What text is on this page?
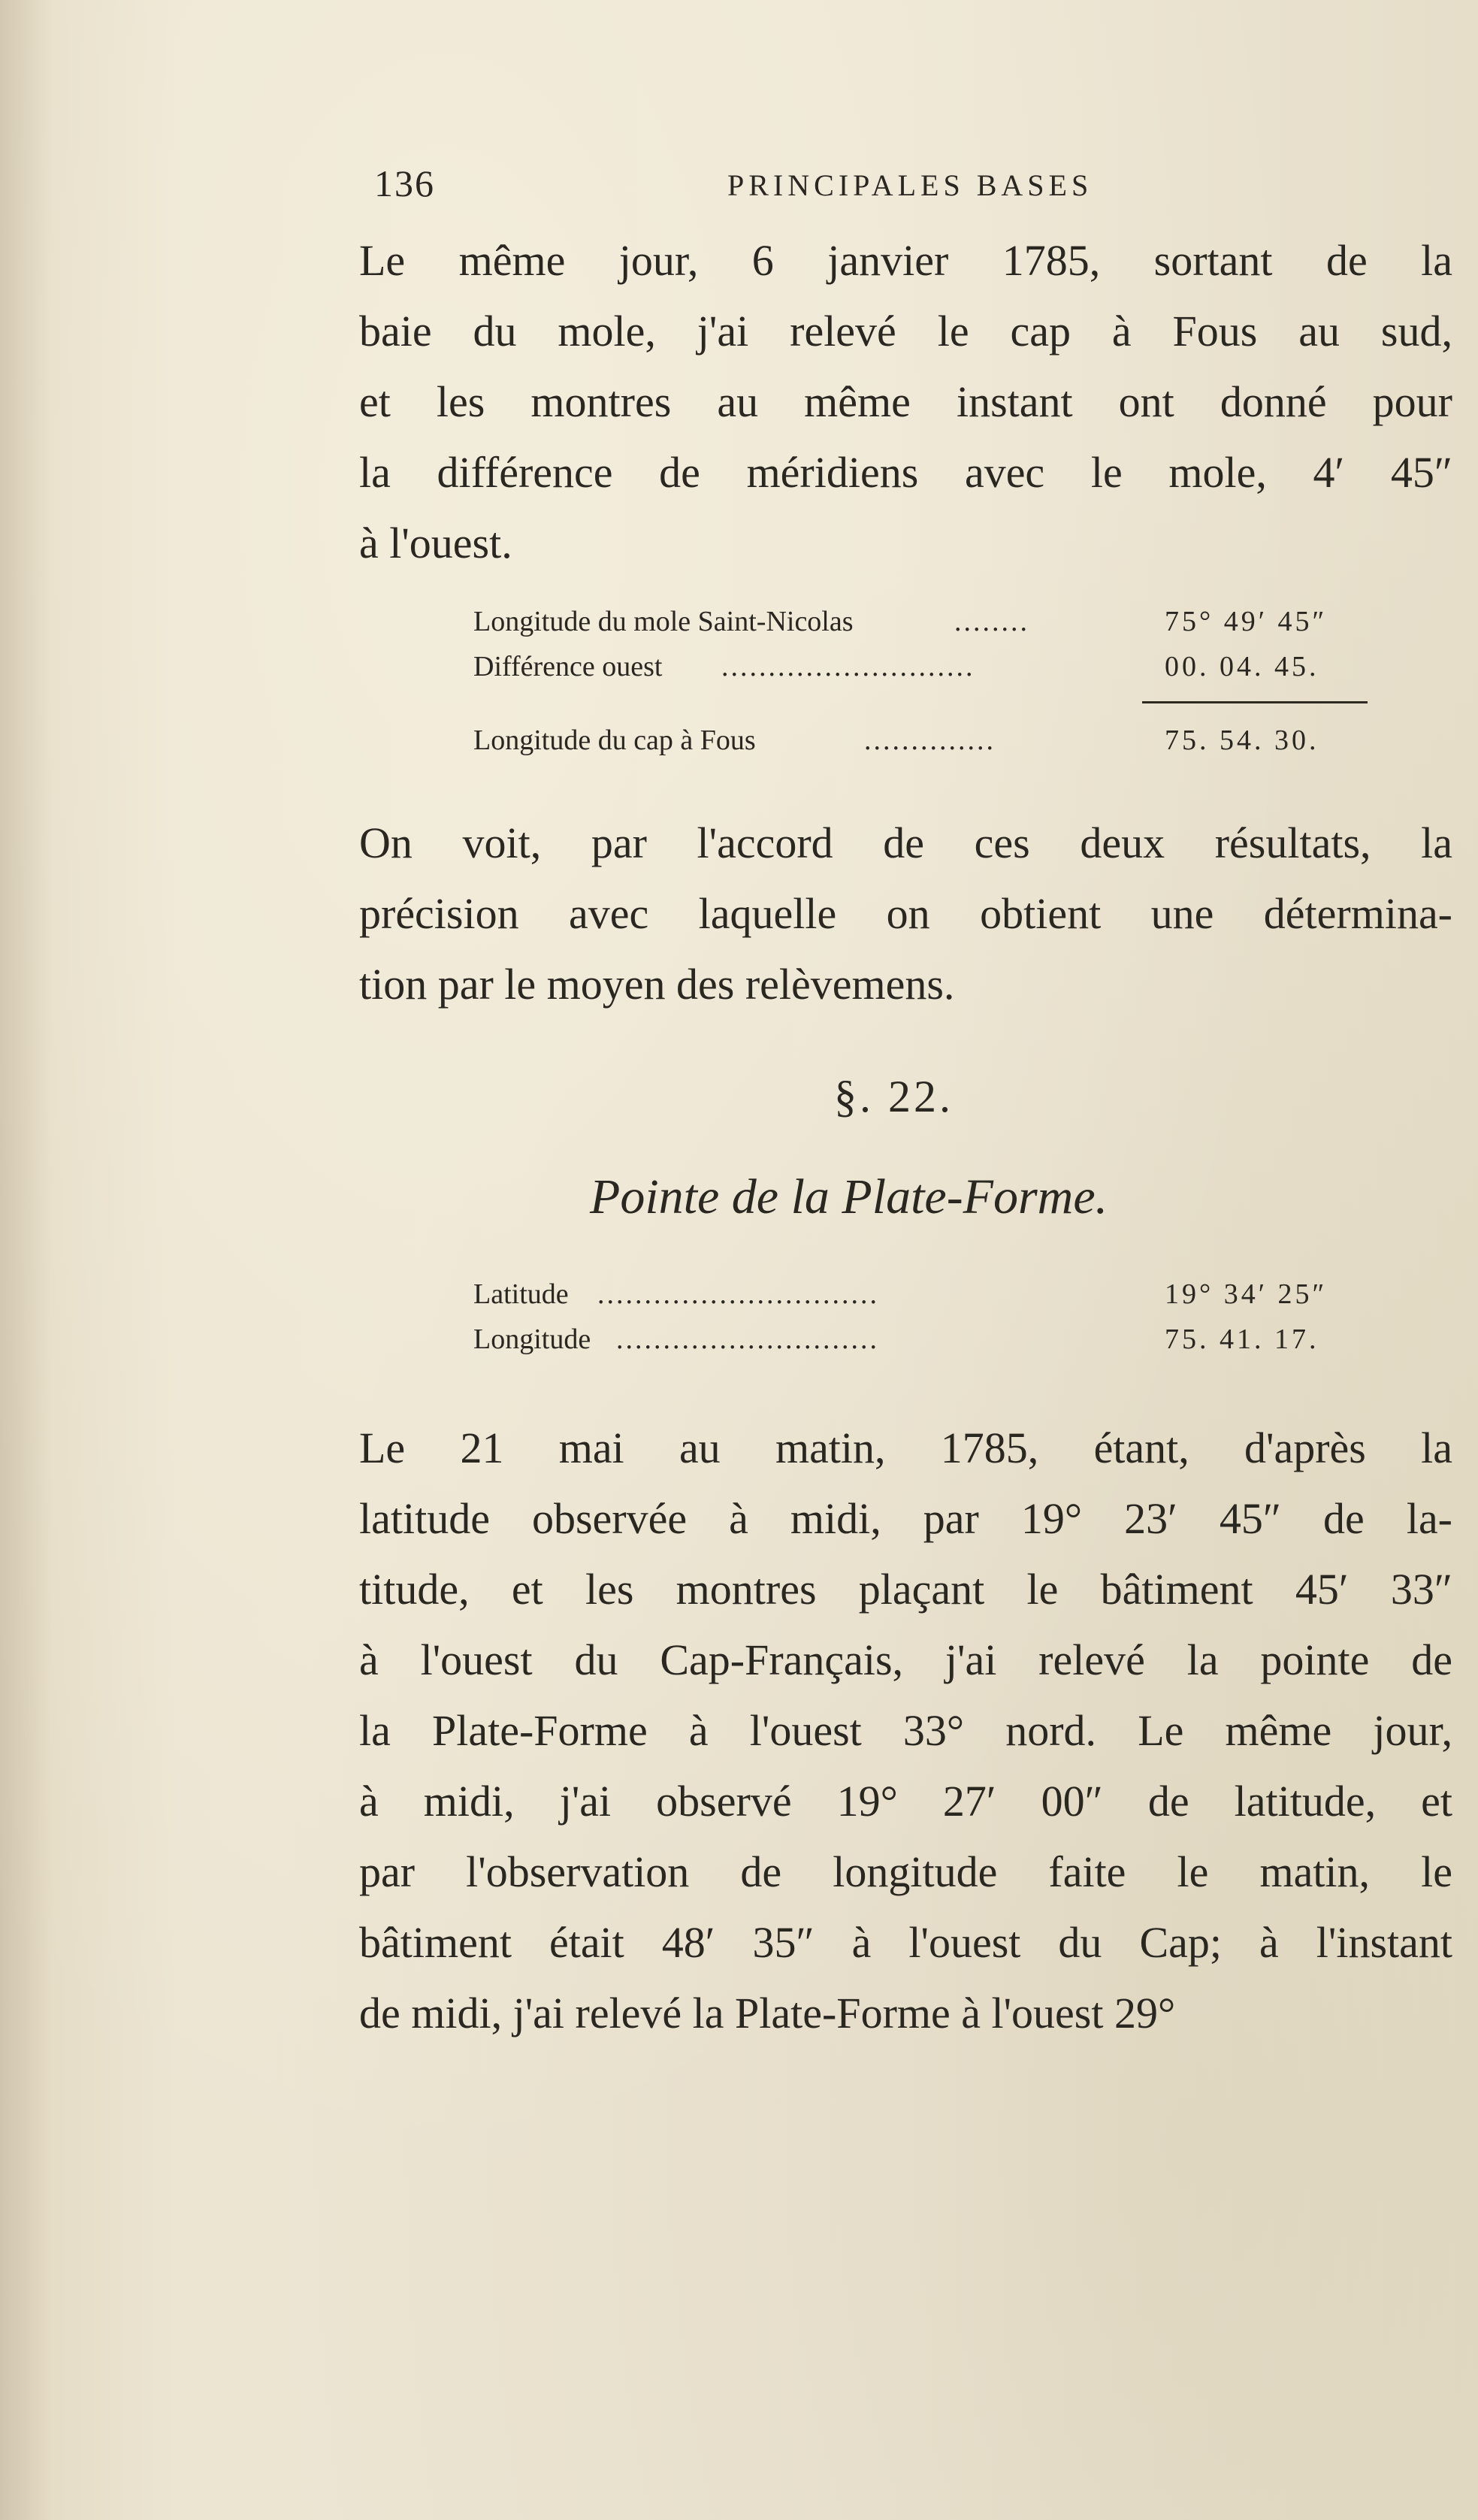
136	PRINCIPALES BASES

Le même jour, 6 janvier 1785, sortant de la
baie du mole, j'ai relevé le cap à Fous au sud,
et les montres au même instant ont donné pour
la différence de méridiens avec le mole, 4′ 45″
à l'ouest.

Longitude du mole Saint-Nicolas	........	75° 49′ 45″
Différence ouest ...........................	00. 04. 45.
Longitude du cap à Fous	..............	75. 54. 30.

On voit, par l'accord de ces deux résultats, la
précision avec laquelle on obtient une détermina-
tion par le moyen des relèvemens.

§. 22.
Pointe de la Plate-Forme.
Latitude ..............................	19° 34′ 25″
Longitude ............................	75. 41. 17.

Le 21 mai au matin, 1785, étant, d'après la
latitude observée à midi, par 19° 23′ 45″ de la-
titude, et les montres plaçant le bâtiment 45′ 33″
à l'ouest du Cap-Français, j'ai relevé la pointe de
la Plate-Forme à l'ouest 33° nord. Le même jour,
à midi, j'ai observé 19° 27′ 00″ de latitude, et
par l'observation de longitude faite le matin, le
bâtiment était 48′ 35″ à l'ouest du Cap; à l'instant
de midi, j'ai relevé la Plate-Forme à l'ouest 29°
